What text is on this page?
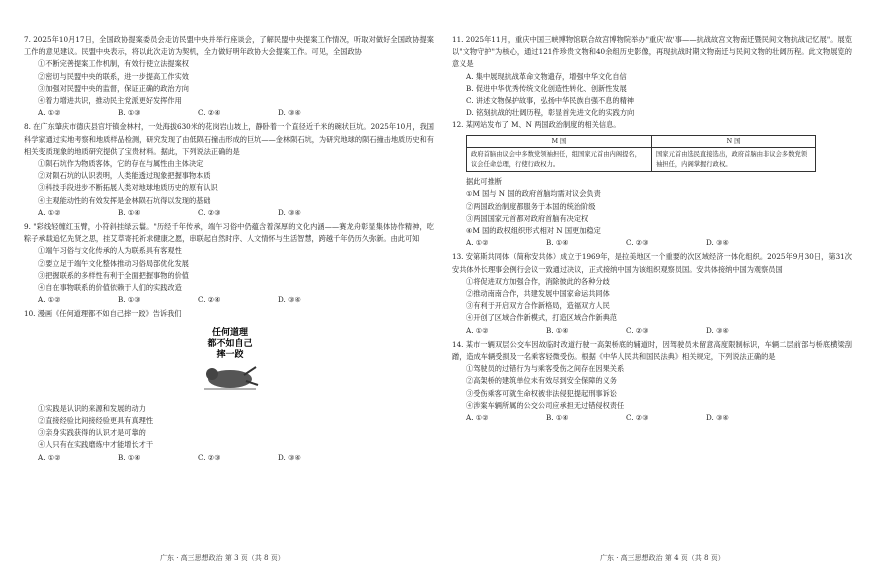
7. 2025年10月17日，全国政协提案委员会走访民盟中央并举行座谈会，了解民盟中央提案工作情况，听取对做好全国政协提案工作的意见建议。民盟中央表示，将以此次走访为契机，全力做好明年政协大会提案工作。可见，全国政协

①不断完善提案工作机制，有效行使立法提案权

②密切与民盟中央的联系，进一步提高工作实效

③加强对民盟中央的监督，保证正确的政治方向

④着力增进共识，推动民主党派更好发挥作用

A. ①②	B. ①③	C. ②④	D. ③④

8. 在广东肇庆市德庆县官圩镇金林村，一处海拔630米的花岗岩山坡上，静卧着一个直径近千米的碗状巨坑。2025年10月，我国科学家通过实地考察和地质样品检测，研究发现了由低陨石撞击形成的巨坑——金林陨石坑，为研究地球的陨石撞击地质历史和有相关变质现象的地质研究提供了宝贵材料。据此，下列说法正确的是

①陨石坑作为物质客体，它的存在与属性由主体决定

②对陨石坑的认识表明，人类能透过现象把握事物本质

③科技手段进步不断拓展人类对地球地质历史的原有认识

④主观能动性的有效发挥是金林陨石坑得以发现的基础

A. ①②	B. ①④	C. ②③	D. ③④

9. "彩线轻缠红玉臂，小符斜挂绿云鬟。"历经千年传承，端午习俗中仍蕴含着深厚的文化内涵——赛龙舟彰显集体协作精神，吃粽子承载追忆先贤之思，挂艾草寄托祈求健康之愿，串联起自然时序、人文情怀与生活智慧，跨越千年仍历久弥新。由此可知

①端午习俗与文化传承的人为联系具有客观性

②要立足于端午文化整体推动习俗局部优化发展

③把握联系的多样性有利于全面把握事物的价值

④自在事物联系的价值依赖于人们的实践改造

A. ①②	B. ①③	C. ②④	D. ③④

10. 漫画《任何道理都不如自己摔一跤》告诉我们

任何道理
都不如自己
摔一跤

①实践是认识的来源和发展的动力

②直接经验比间接经验更具有真理性

③亲身实践获得的认识才是可靠的

④人只有在实践磨炼中才能增长才干

A. ①②	B. ①④	C. ②③	D. ③④

11. 2025年11月，重庆中国三峡博物馆联合故宫博物院举办"重庆'故'事——抗战故宫文物南迁暨民间文物抗战记忆展"。展览以"文物守护"为核心，通过121件珍贵文物和40余组历史影像，再现抗战时期文物南迁与民间文物的壮阔历程。此文物展览的意义是

A. 集中展现抗战革命文物遗存，增强中华文化自信

B. 促进中华优秀传统文化创造性转化、创新性发展

C. 讲述文物保护故事，弘扬中华民族自强不息的精神

D. 铭刻抗战的壮阔历程，彰显首先进文化的实践方向

12. 某网站发布了 M、N 两国政治制度的相关信息。

M 国	N 国
政府首脑由议会中多数党领袖担任，组国家元首由内阁提名，议会任命总理，行使行政权力。	国家元首由选民直接选出，政府首脑由非议会多数党领袖担任，内阁掌握行政权。

据此可推断

①M 国与 N 国的政府首脑均需对议会负责

②两国政治制度都服务于本国的统治阶级

③两国国家元首都对政府首脑有决定权

④M 国的政权组织形式相对 N 国更加稳定

A. ①②	B. ①④	C. ②③	D. ③④

13. 安第斯共同体（简称安共体）成立于1969年，是拉美地区一个重要的次区域经济一体化组织。2025年9月30日，第31次安共体外长理事会例行会议一致通过决议，正式接纳中国为该组织观察员国。安共体接纳中国为观察员国

①将促进双方加强合作，消除彼此的各种分歧

②推动南南合作，共建发展中国家命运共同体

③有利于开启双方合作新格局，造福双方人民

④开创了区域合作新模式，打造区域合作新典范

A. ①②	B. ①④	C. ②③	D. ③④

14. 某市一辆双层公交车因故临时改道行驶一高架桥底的辅道时，因驾驶员未留意高度限制标识，车辆二层前部与桥底横梁刮蹭，造成车辆受损及一名乘客轻微受伤。根据《中华人民共和国民法典》相关规定，下列说法正确的是

①驾驶员的过错行为与乘客受伤之间存在因果关系

②高架桥的建筑单位未有效尽到安全保障的义务

③受伤乘客可就生命权被非法侵犯提起刑事诉讼

④涉案车辆所属的公交公司应承担无过错侵权责任

A. ①②	B. ①④	C. ②③	D. ③④
广东 · 高三思想政治 第 3 页（共 8 页）	广东 · 高三思想政治 第 4 页（共 8 页）
